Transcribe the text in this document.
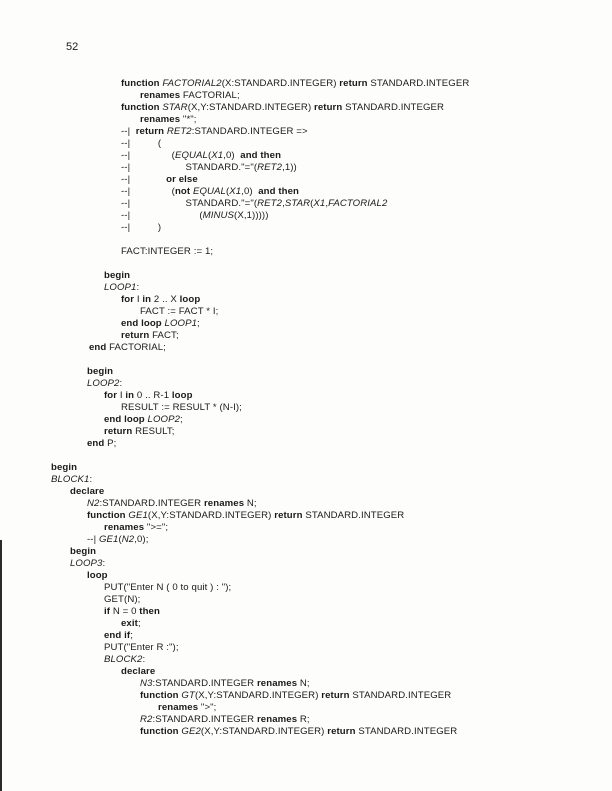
52
function FACTORIAL2(X:STANDARD.INTEGER) return STANDARD.INTEGER
renames FACTORIAL;
function STAR(X,Y:STANDARD.INTEGER) return STANDARD.INTEGER
renames "*";
--|  return RET2:STANDARD.INTEGER =>
--|          (
--|               (EQUAL(X1,0)  and then
--|                    STANDARD."="(RET2,1))
--|             or else
--|               (not EQUAL(X1,0)  and then
--|                    STANDARD."="(RET2,STAR(X1,FACTORIAL2
--|                         (MINUS(X,1)))))
--|          )
FACT:INTEGER := 1;
begin
LOOP1:
for I in 2 .. X loop
FACT := FACT * I;
end loop LOOP1;
return FACT;
end FACTORIAL;
begin
LOOP2:
for I in 0 .. R-1 loop
RESULT := RESULT * (N-I);
end loop LOOP2;
return RESULT;
end P;
begin
BLOCK1:
declare
N2:STANDARD.INTEGER renames N;
function GE1(X,Y:STANDARD.INTEGER) return STANDARD.INTEGER
renames ">=";
--| GE1(N2,0);
begin
LOOP3:
loop
PUT("Enter N ( 0 to quit ) : ");
GET(N);
if N = 0 then
exit;
end if;
PUT("Enter R :");
BLOCK2:
declare
N3:STANDARD.INTEGER renames N;
function GT(X,Y:STANDARD.INTEGER) return STANDARD.INTEGER
renames ">";
R2:STANDARD.INTEGER renames R;
function GE2(X,Y:STANDARD.INTEGER) return STANDARD.INTEGER
